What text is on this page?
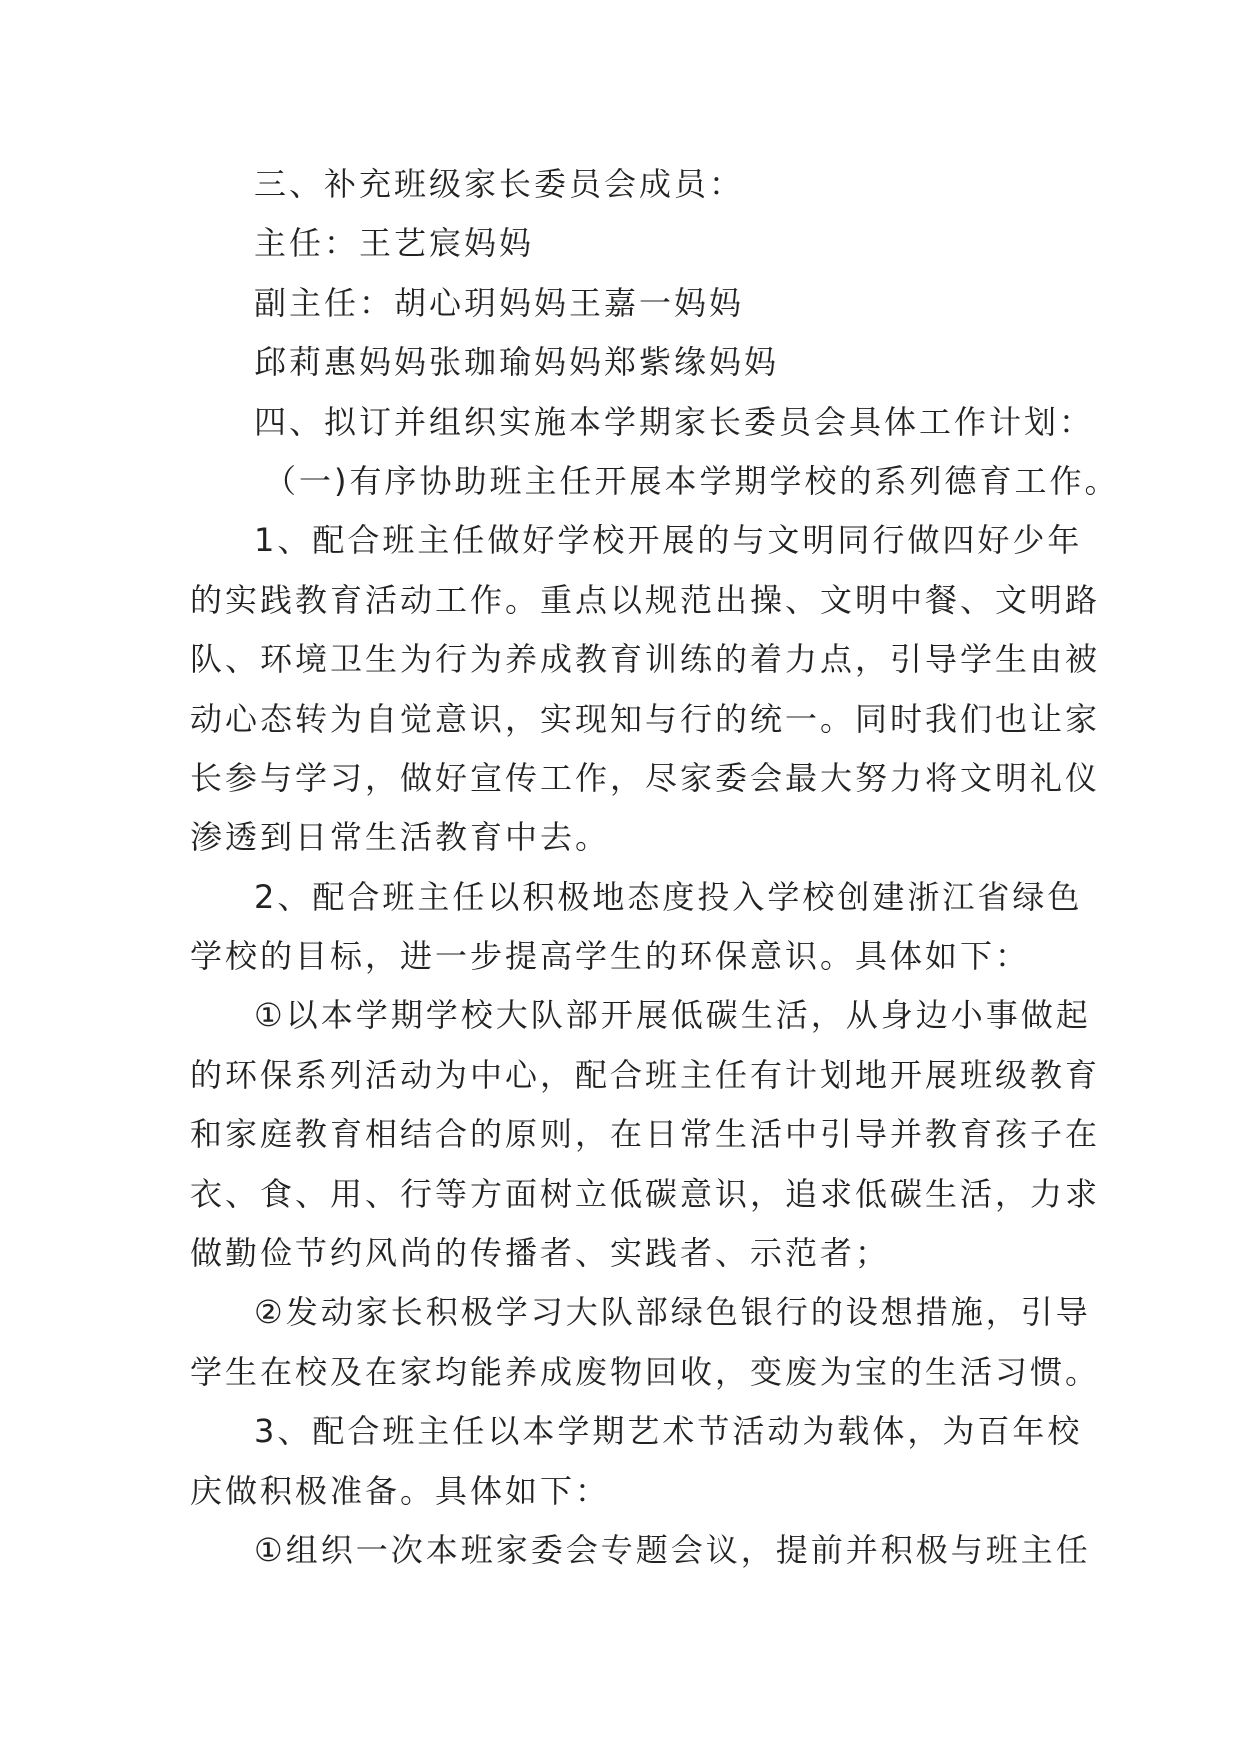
三、补充班级家长委员会成员：
主任：王艺宸妈妈
副主任：胡心玥妈妈王嘉一妈妈
邱莉惠妈妈张珈瑜妈妈郑紫缘妈妈
四、拟订并组织实施本学期家长委员会具体工作计划：
（一)有序协助班主任开展本学期学校的系列德育工作。
1、配合班主任做好学校开展的与文明同行做四好少年
的实践教育活动工作。重点以规范出操、文明中餐、文明路
队、环境卫生为行为养成教育训练的着力点，引导学生由被
动心态转为自觉意识，实现知与行的统一。同时我们也让家
长参与学习，做好宣传工作，尽家委会最大努力将文明礼仪
渗透到日常生活教育中去。
2、配合班主任以积极地态度投入学校创建浙江省绿色
学校的目标，进一步提高学生的环保意识。具体如下：
①以本学期学校大队部开展低碳生活，从身边小事做起
的环保系列活动为中心，配合班主任有计划地开展班级教育
和家庭教育相结合的原则，在日常生活中引导并教育孩子在
衣、食、用、行等方面树立低碳意识，追求低碳生活，力求
做勤俭节约风尚的传播者、实践者、示范者；
②发动家长积极学习大队部绿色银行的设想措施，引导
学生在校及在家均能养成废物回收，变废为宝的生活习惯。
3、配合班主任以本学期艺术节活动为载体，为百年校
庆做积极准备。具体如下：
①组织一次本班家委会专题会议，提前并积极与班主任
